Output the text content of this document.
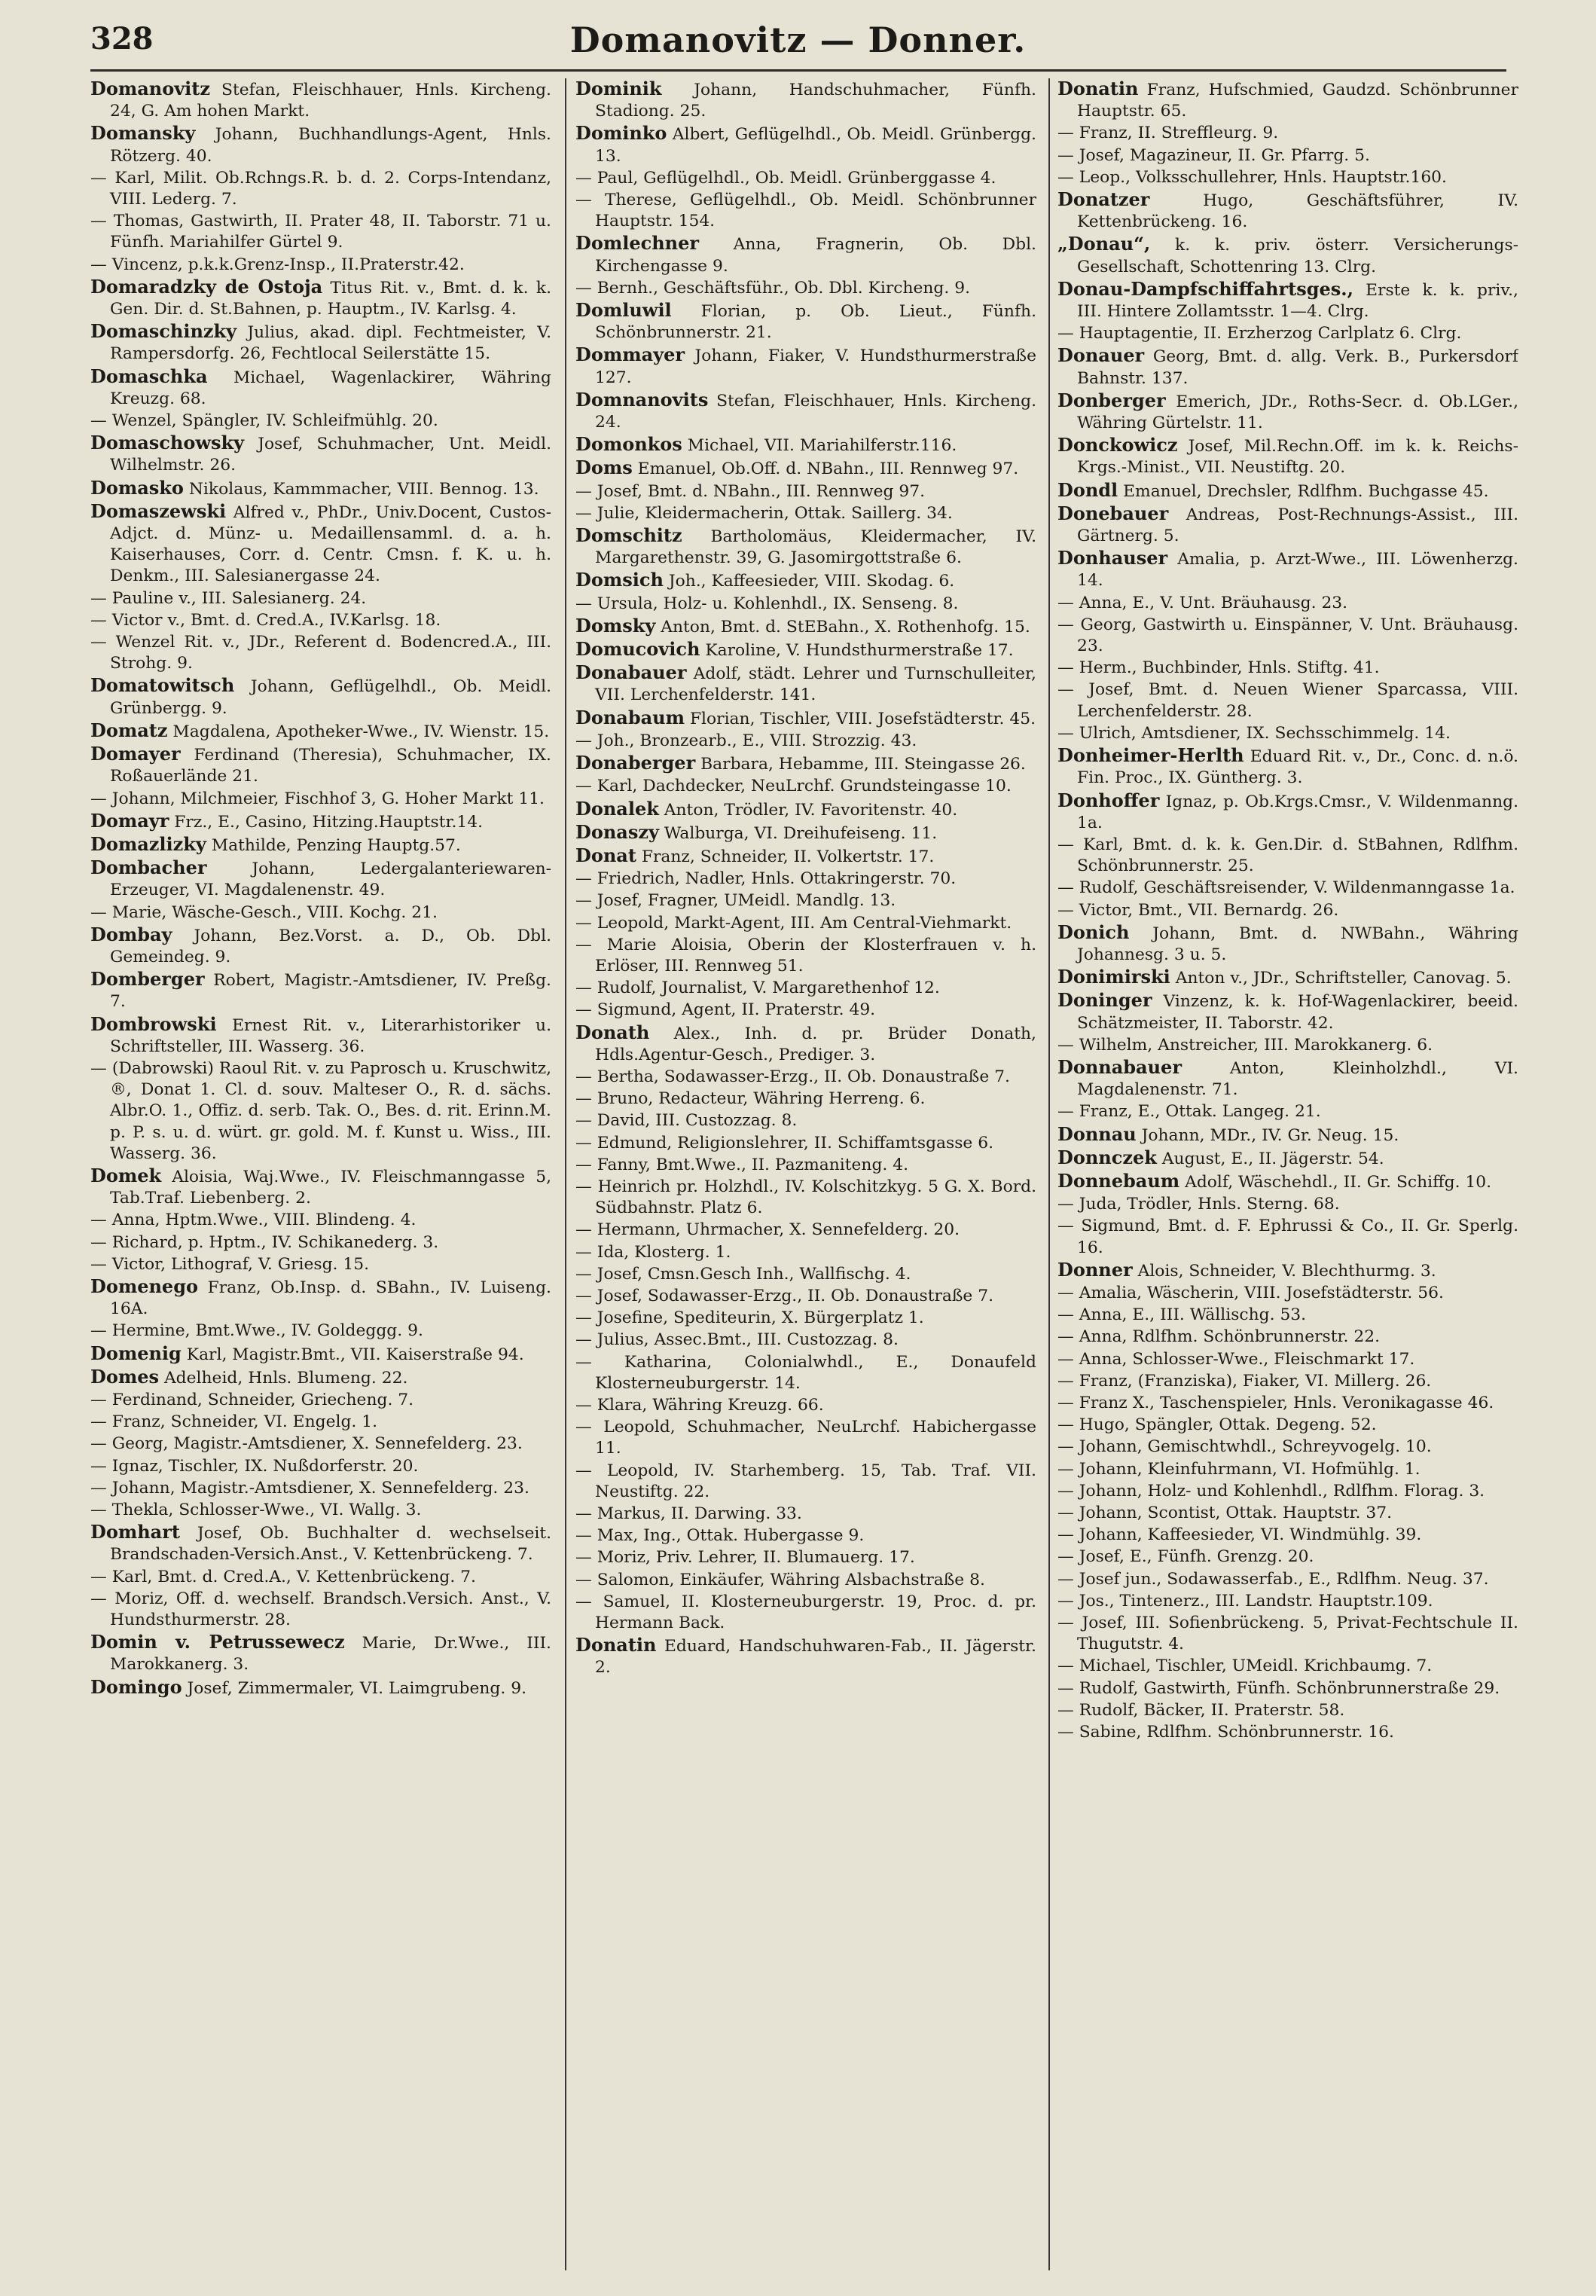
328	Domanovitz — Donner.
Domanovitz Stefan, Fleischhauer, Hnls. Kircheng. 24, G. Am hohen Markt.
Domansky Johann, Buchhandlungs-Agent, Hnls. Rötzerg. 40.
— Karl, Milit. Ob.Rchngs.R. b. d. 2. Corps-Intendanz, VIII. Lederg. 7.
— Thomas, Gastwirth, II. Prater 48, II. Taborstr. 71 u. Fünfh. Mariahilfer Gürtel 9.
— Vincenz, p.k.k.Grenz-Insp., II.Praterstr.42.
Domaradzky de Ostoja Titus Rit. v., Bmt. d. k. k. Gen. Dir. d. St.Bahnen, p. Hauptm., IV. Karlsg. 4.
Domaschinzky Julius, akad. dipl. Fechtmeister, V. Rampersdorfg. 26, Fechtlocal Seilerstätte 15.
Domaschka Michael, Wagenlackirer, Währing Kreuzg. 68.
— Wenzel, Spängler, IV. Schleifmühlg. 20.
Domaschowsky Josef, Schuhmacher, Unt. Meidl. Wilhelmstr. 26.
Domasko Nikolaus, Kammmacher, VIII. Bennog. 13.
Domaszewski Alfred v., PhDr., Univ.Docent, Custos-Adjct. d. Münz- u. Medaillensamml. d. a. h. Kaiserhauses, Corr. d. Centr. Cmsn. f. K. u. h. Denkm., III. Salesianergasse 24.
— Pauline v., III. Salesianerg. 24.
— Victor v., Bmt. d. Cred.A., IV.Karlsg. 18.
— Wenzel Rit. v., JDr., Referent d. Bodencred.A., III. Strohg. 9.
Domatowitsch Johann, Geflügelhdl., Ob. Meidl. Grünbergg. 9.
Domatz Magdalena, Apotheker-Wwe., IV. Wienstr. 15.
Domayer Ferdinand (Theresia), Schuhmacher, IX. Roßauerlände 21.
— Johann, Milchmeier, Fischhof 3, G. Hoher Markt 11.
Domayr Frz., E., Casino, Hitzing.Hauptstr.14.
Domazlizky Mathilde, Penzing Hauptg.57.
Dombacher	Johann, Ledergalanteriewaren-Erzeuger, VI. Magdalenenstr. 49.
— Marie, Wäsche-Gesch., VIII. Kochg. 21.
Dombay Johann, Bez.Vorst. a. D., Ob. Dbl. Gemeindeg. 9.
Domberger Robert, Magistr.-Amtsdiener, IV. Preßg. 7.
Dombrowski Ernest Rit. v., Literarhistoriker u. Schriftsteller, III. Wasserg. 36.
— (Dabrowski) Raoul Rit. v. zu Paprosch u. Kruschwitz, ®, Donat 1. Cl. d. souv. Malteser O., R. d. sächs. Albr.O. 1., Offiz. d. serb. Tak. O., Bes. d. rit. Erinn.M. p. P. s. u. d. würt. gr. gold. M. f. Kunst u. Wiss., III. Wasserg. 36.
Domek Aloisia, Waj.Wwe., IV. Fleischmanngasse 5, Tab.Traf. Liebenberg. 2.
— Anna, Hptm.Wwe., VIII. Blindeng. 4.
— Richard, p. Hptm., IV. Schikanederg. 3.
— Victor, Lithograf, V. Griesg. 15.
Domenego Franz, Ob.Insp. d. SBahn., IV. Luiseng. 16A.
— Hermine, Bmt.Wwe., IV. Goldeggg. 9.
Domenig Karl, Magistr.Bmt., VII. Kaiserstraße 94.
Domes Adelheid, Hnls. Blumeng. 22.
— Ferdinand, Schneider, Griecheng. 7.
— Franz, Schneider, VI. Engelg. 1.
— Georg, Magistr.-Amtsdiener, X. Sennefelderg. 23.
— Ignaz, Tischler, IX. Nußdorferstr. 20.
— Johann, Magistr.-Amtsdiener, X. Sennefelderg. 23.
— Thekla, Schlosser-Wwe., VI. Wallg. 3.
Domhart Josef, Ob. Buchhalter d. wechselseit. Brandschaden-Versich.Anst., V. Kettenbrückeng. 7.
— Karl, Bmt. d. Cred.A., V. Kettenbrückeng. 7.
— Moriz, Off. d. wechself. Brandsch.Versich. Anst., V. Hundsthurmerstr. 28.
Domin v. Petrussewecz Marie, Dr.Wwe., III. Marokkanerg. 3.
Domingo Josef, Zimmermaler, VI. Laimgrubeng. 9.
Dominik Johann, Handschuhmacher, Fünfh. Stadiong. 25.
Dominko Albert, Geflügelhdl., Ob. Meidl. Grünbergg. 13.
— Paul, Geflügelhdl., Ob. Meidl. Grünberggasse 4.
— Therese, Geflügelhdl., Ob. Meidl. Schönbrunner Hauptstr. 154.
Domlechner Anna, Fragnerin, Ob. Dbl. Kirchengasse 9.
— Bernh., Geschäftsführ., Ob. Dbl. Kircheng. 9.
Domluwil Florian, p. Ob. Lieut., Fünfh. Schönbrunnerstr. 21.
Dommayer Johann, Fiaker, V. Hundsthurmerstraße 127.
Domnanovits Stefan, Fleischhauer, Hnls. Kircheng. 24.
Domonkos Michael, VII. Mariahilferstr.116.
Doms Emanuel, Ob.Off. d. NBahn., III. Rennweg 97.
— Josef, Bmt. d. NBahn., III. Rennweg 97.
— Julie, Kleidermacherin, Ottak. Saillerg. 34.
Domschitz Bartholomäus, Kleidermacher, IV. Margarethenstr. 39, G. Jasomirgottstraße 6.
Domsich Joh., Kaffeesieder, VIII. Skodag. 6.
— Ursula, Holz- u. Kohlenhdl., IX. Senseng. 8.
Domsky Anton, Bmt. d. StEBahn., X. Rothenhofg. 15.
Domucovich Karoline, V. Hundsthurmerstraße 17.
Donabauer Adolf, städt. Lehrer und Turnschulleiter, VII. Lerchenfelderstr. 141.
Donabaum Florian, Tischler, VIII. Josefstädterstr. 45.
— Joh., Bronzearb., E., VIII. Strozzig. 43.
Donaberger Barbara, Hebamme, III. Steingasse 26.
— Karl, Dachdecker, NeuLrchf. Grundsteingasse 10.
Donalek Anton, Trödler, IV. Favoritenstr. 40.
Donaszy Walburga, VI. Dreihufeiseng. 11.
Donat Franz, Schneider, II. Volkertstr. 17.
— Friedrich, Nadler, Hnls. Ottakringerstr. 70.
— Josef, Fragner, UMeidl. Mandlg. 13.
— Leopold, Markt-Agent, III. Am Central-Viehmarkt.
— Marie Aloisia, Oberin der Klosterfrauen v. h. Erlöser, III. Rennweg 51.
— Rudolf, Journalist, V. Margarethenhof 12.
— Sigmund, Agent, II. Praterstr. 49.
Donath Alex., Inh. d. pr. Brüder Donath, Hdls.Agentur-Gesch., Prediger. 3.
— Bertha, Sodawasser-Erzg., II. Ob. Donaustraße 7.
— Bruno, Redacteur, Währing Herreng. 6.
— David, III. Custozzag. 8.
— Edmund, Religionslehrer, II. Schiffamtsgasse 6.
— Fanny, Bmt.Wwe., II. Pazmaniteng. 4.
— Heinrich pr. Holzhdl., IV. Kolschitzkyg. 5 G. X. Bord. Südbahnstr. Platz 6.
— Hermann, Uhrmacher, X. Sennefelderg. 20.
— Ida, Klosterg. 1.
— Josef, Cmsn.Gesch Inh., Wallfischg. 4.
— Josef, Sodawasser-Erzg., II. Ob. Donaustraße 7.
— Josefine, Spediteurin, X. Bürgerplatz 1.
— Julius, Assec.Bmt., III. Custozzag. 8.
— Katharina, Colonialwhdl., E., Donaufeld Klosterneuburgerstr. 14.
— Klara, Währing Kreuzg. 66.
— Leopold, Schuhmacher, NeuLrchf. Habichergasse 11.
— Leopold, IV. Starhemberg. 15, Tab. Traf. VII. Neustiftg. 22.
— Markus, II. Darwing. 33.
— Max, Ing., Ottak. Hubergasse 9.
— Moriz, Priv. Lehrer, II. Blumauerg. 17.
— Salomon, Einkäufer, Währing Alsbachstraße 8.
— Samuel, II. Klosterneuburgerstr. 19, Proc. d. pr. Hermann Back.
Donatin Eduard, Handschuhwaren-Fab., II. Jägerstr. 2.
Donatin Franz, Hufschmied, Gaudzd. Schönbrunner Hauptstr. 65.
— Franz, II. Streffleurg. 9.
— Josef, Magazineur, II. Gr. Pfarrg. 5.
— Leop., Volksschullehrer, Hnls. Hauptstr.160.
Donatzer	Hugo, Geschäftsführer, IV. Kettenbrückeng. 16.
„Donau“, k. k. priv. österr. Versicherungs-Gesellschaft, Schottenring 13. Clrg.
Donau-Dampfschiffahrtsges., Erste k. k. priv., III. Hintere Zollamtsstr. 1—4. Clrg.
— Hauptagentie, II. Erzherzog Carlplatz 6. Clrg.
Donauer Georg, Bmt. d. allg. Verk. B., Purkersdorf Bahnstr. 137.
Donberger Emerich, JDr., Roths-Secr. d. Ob.LGer., Währing Gürtelstr. 11.
Donckowicz Josef, Mil.Rechn.Off. im k. k. Reichs-Krgs.-Minist., VII. Neustiftg. 20.
Dondl Emanuel, Drechsler, Rdlfhm. Buchgasse 45.
Donebauer Andreas, Post-Rechnungs-Assist., III. Gärtnerg. 5.
Donhauser Amalia, p. Arzt-Wwe., III. Löwenherzg. 14.
— Anna, E., V. Unt. Bräuhausg. 23.
— Georg, Gastwirth u. Einspänner, V. Unt. Bräuhausg. 23.
— Herm., Buchbinder, Hnls. Stiftg. 41.
— Josef, Bmt. d. Neuen Wiener Sparcassa, VIII. Lerchenfelderstr. 28.
— Ulrich, Amtsdiener, IX. Sechsschimmelg. 14.
Donheimer-Herlth Eduard Rit. v., Dr., Conc. d. n.ö. Fin. Proc., IX. Güntherg. 3.
Donhoffer Ignaz, p. Ob.Krgs.Cmsr., V. Wildenmanng. 1a.
— Karl, Bmt. d. k. k. Gen.Dir. d. StBahnen, Rdlfhm. Schönbrunnerstr. 25.
— Rudolf, Geschäftsreisender, V. Wildenmanngasse 1a.
— Victor, Bmt., VII. Bernardg. 26.
Donich Johann, Bmt. d. NWBahn., Währing Johannesg. 3 u. 5.
Donimirski Anton v., JDr., Schriftsteller, Canovag. 5.
Doninger Vinzenz, k. k. Hof-Wagenlackirer, beeid. Schätzmeister, II. Taborstr. 42.
— Wilhelm, Anstreicher, III. Marokkanerg. 6.
Donnabauer	Anton, Kleinholzhdl., VI. Magdalenenstr. 71.
— Franz, E., Ottak. Langeg. 21.
Donnau Johann, MDr., IV. Gr. Neug. 15.
Donnczek August, E., II. Jägerstr. 54.
Donnebaum Adolf, Wäschehdl., II. Gr. Schiffg. 10.
— Juda, Trödler, Hnls. Sterng. 68.
— Sigmund, Bmt. d. F. Ephrussi & Co., II. Gr. Sperlg. 16.
Donner Alois, Schneider, V. Blechthurmg. 3.
— Amalia, Wäscherin, VIII. Josefstädterstr. 56.
— Anna, E., III. Wällischg. 53.
— Anna, Rdlfhm. Schönbrunnerstr. 22.
— Anna, Schlosser-Wwe., Fleischmarkt 17.
— Franz, (Franziska), Fiaker, VI. Millerg. 26.
— Franz X., Taschenspieler, Hnls. Veronikagasse 46.
— Hugo, Spängler, Ottak. Degeng. 52.
— Johann, Gemischtwhdl., Schreyvogelg. 10.
— Johann, Kleinfuhrmann, VI. Hofmühlg. 1.
— Johann, Holz- und Kohlenhdl., Rdlfhm. Florag. 3.
— Johann, Scontist, Ottak. Hauptstr. 37.
— Johann, Kaffeesieder, VI. Windmühlg. 39.
— Josef, E., Fünfh. Grenzg. 20.
— Josef jun., Sodawasserfab., E., Rdlfhm. Neug. 37.
— Jos., Tintenerz., III. Landstr. Hauptstr.109.
— Josef, III. Sofienbrückeng. 5, Privat-Fechtschule II. Thugutstr. 4.
— Michael, Tischler, UMeidl. Krichbaumg. 7.
— Rudolf, Gastwirth, Fünfh. Schönbrunnerstraße 29.
— Rudolf, Bäcker, II. Praterstr. 58.
— Sabine, Rdlfhm. Schönbrunnerstr. 16.
